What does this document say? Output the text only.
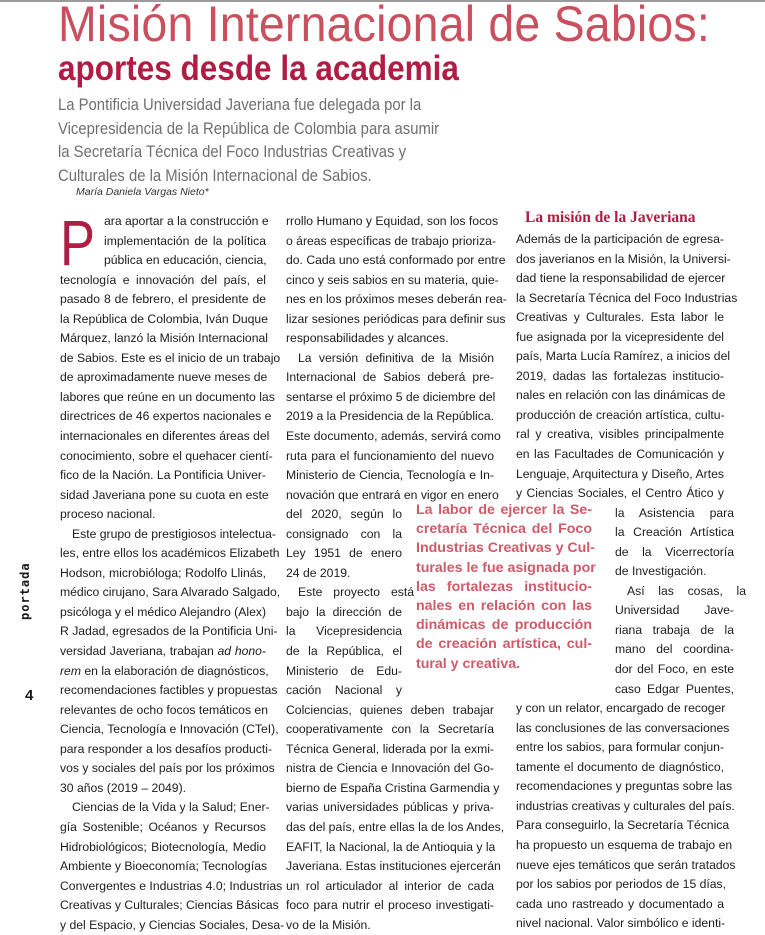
Misión Internacional de Sabios:
aportes desde la academia
La Pontificia Universidad Javeriana fue delegada por la
Vicepresidencia de la República de Colombia para asumir
la Secretaría Técnica del Foco Industrias Creativas y
Culturales de la Misión Internacional de Sabios.
María Daniela Vargas Nieto*
portada
4
P ara aportar a la construcción e
implementación de la política
pública en educación, ciencia,
tecnología e innovación del país, el
pasado 8 de febrero, el presidente de
la República de Colombia, Iván Duque
Márquez, lanzó la Misión Internacional
de Sabios. Este es el inicio de un trabajo
de aproximadamente nueve meses de
labores que reúne en un documento las
directrices de 46 expertos nacionales e
internacionales en diferentes áreas del
conocimiento, sobre el quehacer cientí-
fico de la Nación. La Pontificia Univer-
sidad Javeriana pone su cuota en este
proceso nacional.
Este grupo de prestigiosos intelectua-
les, entre ellos los académicos Elizabeth
Hodson, microbióloga; Rodolfo Llinás,
médico cirujano, Sara Alvarado Salgado,
psicóloga y el médico Alejandro (Alex)
R Jadad, egresados de la Pontificia Uni-
versidad Javeriana, trabajan ad hono-
rem en la elaboración de diagnósticos,
recomendaciones factibles y propuestas
relevantes de ocho focos temáticos en
Ciencia, Tecnología e Innovación (CTeI),
para responder a los desafíos producti-
vos y sociales del país por los próximos
30 años (2019 – 2049).
Ciencias de la Vida y la Salud; Ener-
gía Sostenible; Océanos y Recursos
Hidrobiológicos; Biotecnología, Medio
Ambiente y Bioeconomía; Tecnologías
Convergentes e Industrias 4.0; Industrias
Creativas y Culturales; Ciencias Básicas
y del Espacio, y Ciencias Sociales, Desa-
rrollo Humano y Equidad, son los focos
o áreas específicas de trabajo prioriza-
do. Cada uno está conformado por entre
cinco y seis sabios en su materia, quie-
nes en los próximos meses deberán rea-
lizar sesiones periódicas para definir sus
responsabilidades y alcances.
La versión definitiva de la Misión
Internacional de Sabios deberá pre-
sentarse el próximo 5 de diciembre del
2019 a la Presidencia de la República.
Este documento, además, servirá como
ruta para el funcionamiento del nuevo
Ministerio de Ciencia, Tecnología e In-
novación que entrará en vigor en enero
del 2020, según lo
consignado con la
Ley 1951 de enero
24 de 2019.
Este proyecto está
bajo la dirección de
la Vicepresidencia
de la República, el
Ministerio de Edu-
cación Nacional y
Colciencias, quienes deben trabajar
cooperativamente con la Secretaría
Técnica General, liderada por la exmi-
nistra de Ciencia e Innovación del Go-
bierno de España Cristina Garmendia y
varias universidades públicas y priva-
das del país, entre ellas la de los Andes,
EAFIT, la Nacional, la de Antioquia y la
Javeriana. Estas instituciones ejercerán
un rol articulador al interior de cada
foco para nutrir el proceso investigati-
vo de la Misión.
La misión de la Javeriana
Además de la participación de egresa-
dos javerianos en la Misión, la Universi-
dad tiene la responsabilidad de ejercer
la Secretaría Técnica del Foco Industrias
Creativas y Culturales. Esta labor le
fue asignada por la vicepresidente del
país, Marta Lucía Ramírez, a inicios del
2019, dadas las fortalezas institucio-
nales en relación con las dinámicas de
producción de creación artística, cultu-
ral y creativa, visibles principalmente
en las Facultades de Comunicación y
Lenguaje, Arquitectura y Diseño, Artes
y Ciencias Sociales, el Centro Ático y
la Asistencia para
la Creación Artística
de la Vicerrectoría
de Investigación.
Así las cosas, la
Universidad Jave-
riana trabaja de la
mano del coordina-
dor del Foco, en este
caso Edgar Puentes,
y con un relator, encargado de recoger
las conclusiones de las conversaciones
entre los sabios, para formular conjun-
tamente el documento de diagnóstico,
recomendaciones y preguntas sobre las
industrias creativas y culturales del país.
Para conseguirlo, la Secretaría Técnica
ha propuesto un esquema de trabajo en
nueve ejes temáticos que serán tratados
por los sabios por periodos de 15 días,
cada uno rastreado y documentado a
nivel nacional. Valor simbólico e identi-
La labor de ejercer la Se-
cretaría Técnica del Foco
Industrias Creativas y Cul-
turales le fue asignada por
las fortalezas institucio-
nales en relación con las
dinámicas de producción
de creación artística, cul-
tural y creativa.
